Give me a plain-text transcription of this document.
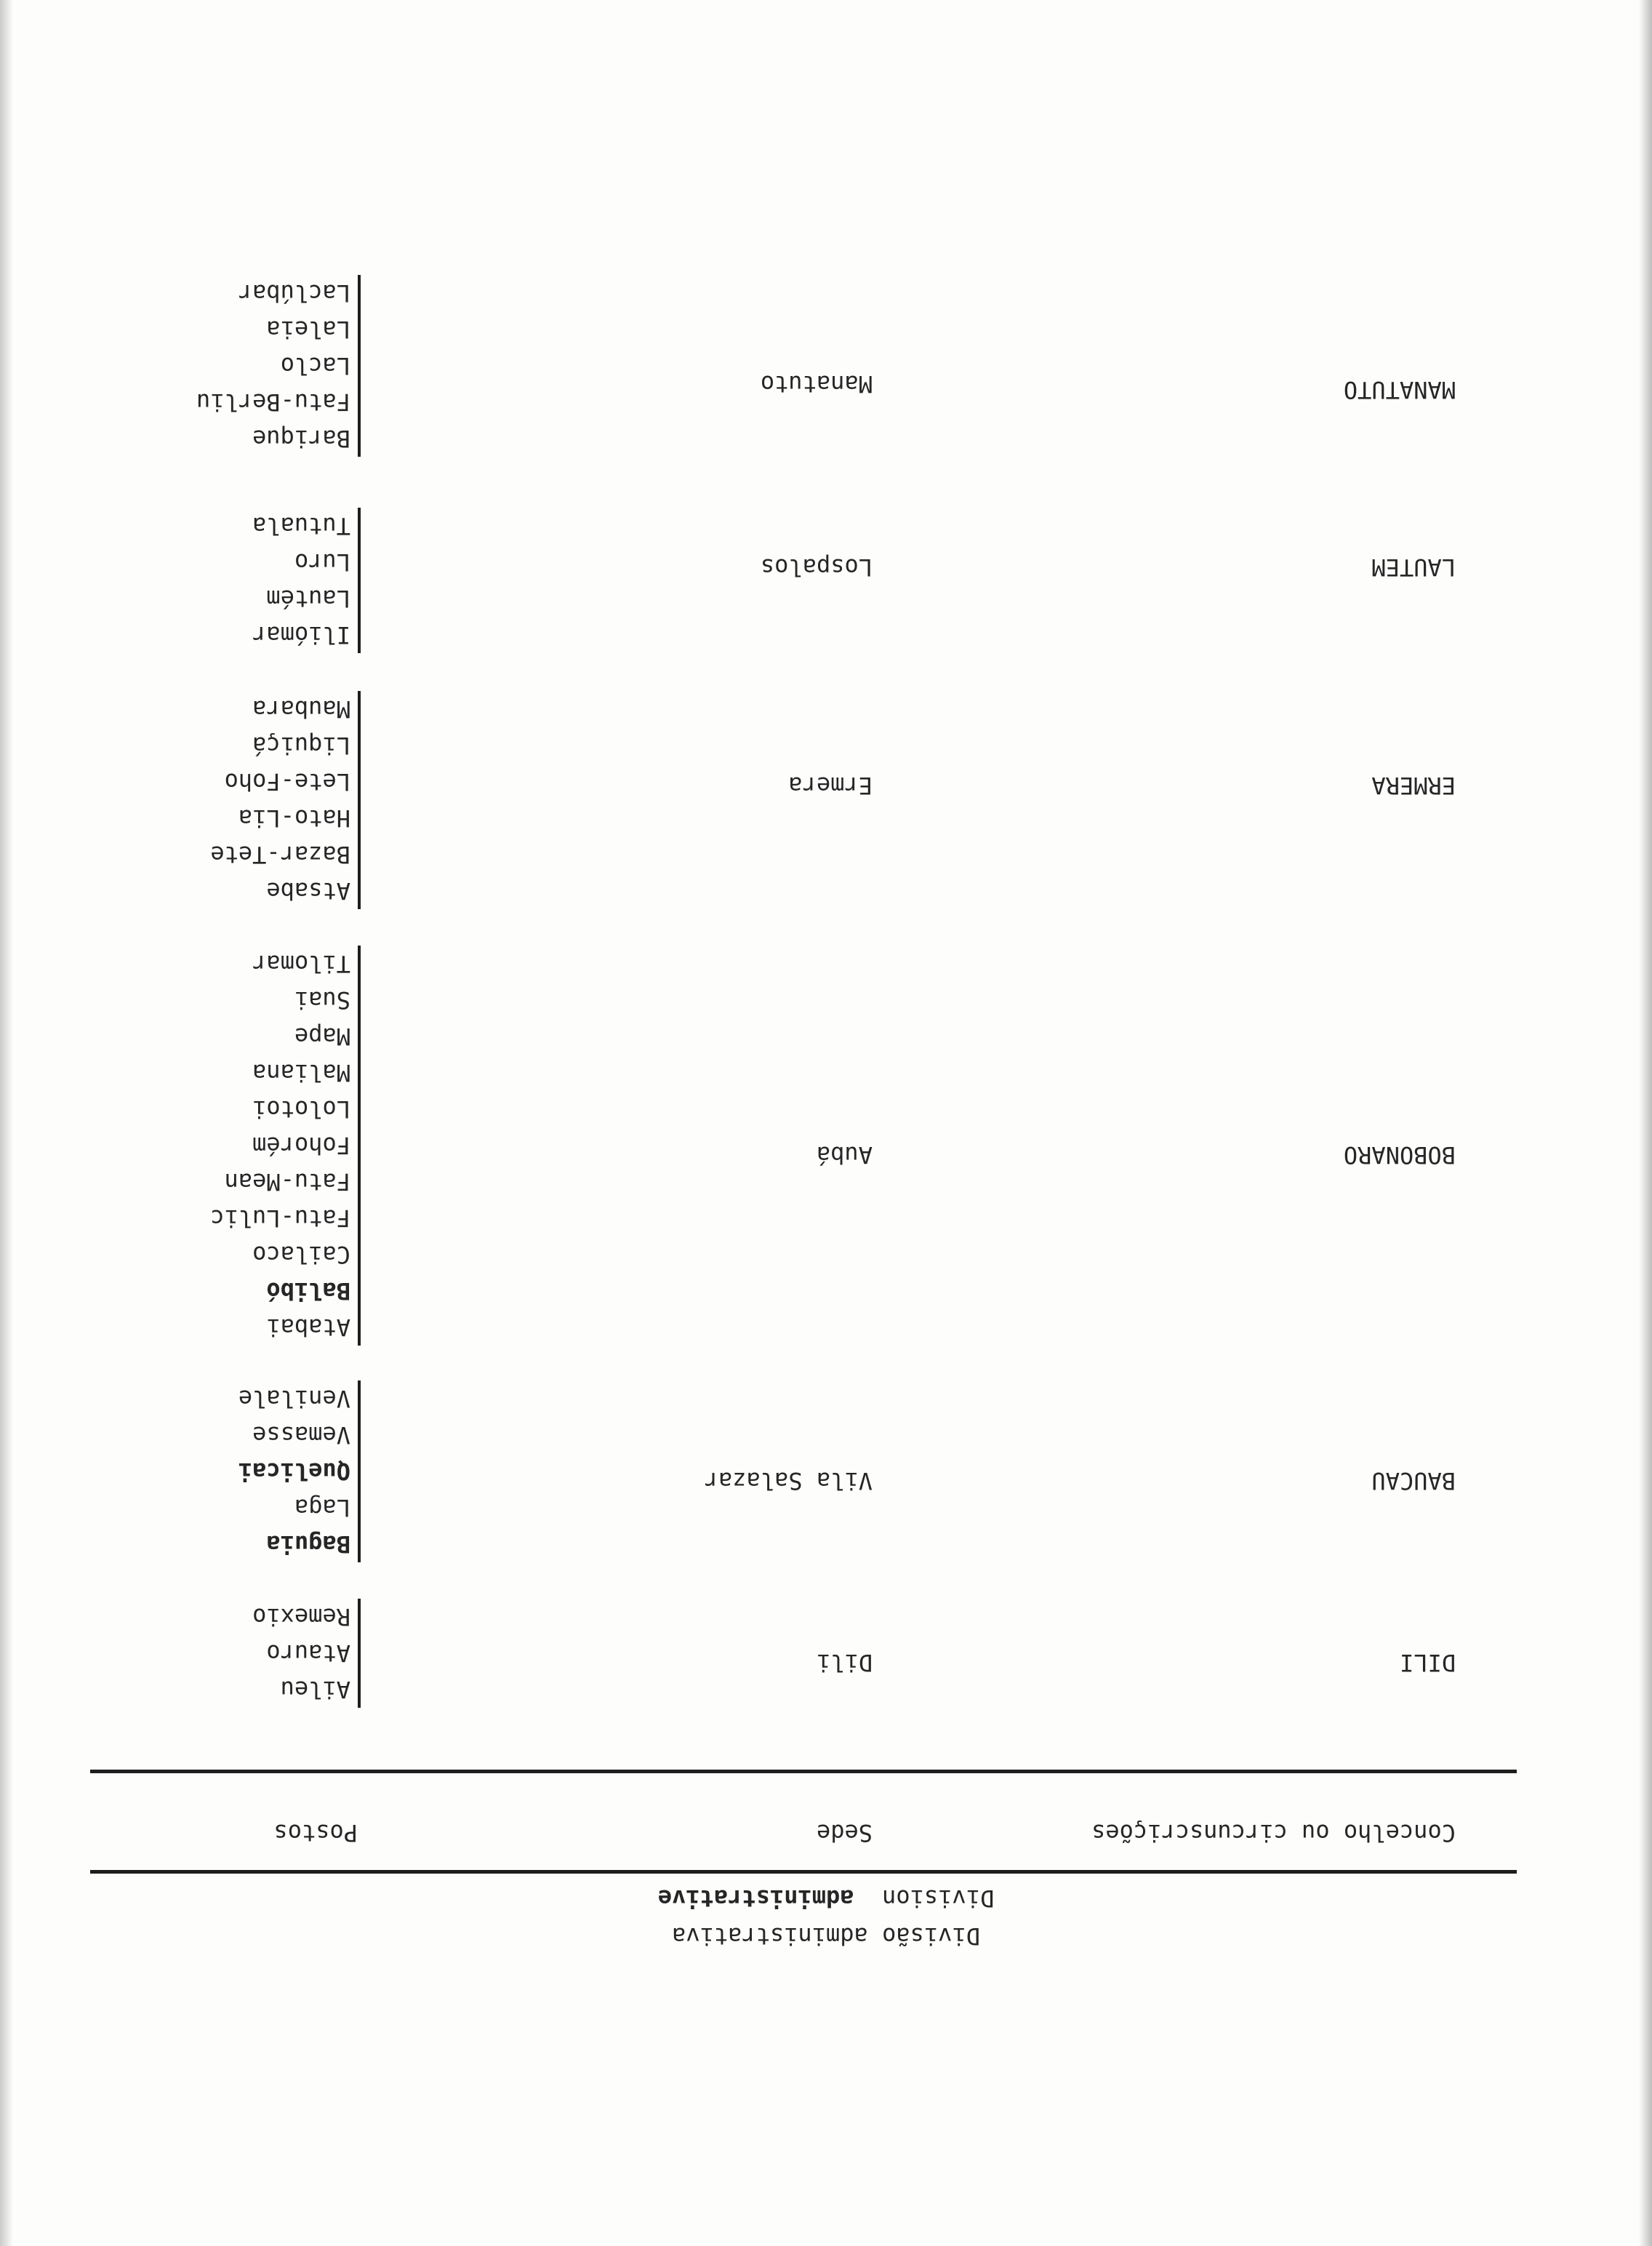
Divisão administrativa
Division  administrative
Concelho ou circunscrições
Sede
Postos
DILI
Dili
Aileu
Atauro
Remexio
BAUCAU
Vila Salazar
Baguia
Laga
Quelicai
Vemasse
Venilale
BOBONARO
Aubá
Atabai
Balibó
Cailaco
Fatu-Lulic
Fatu-Mean
Fohorém
Lolotoi
Maliana
Mape
Suai
Tilomar
ERMERA
Ermera
Atsabe
Bazar-Tete
Hato-Lia
Lete-Foho
Liquiçá
Maubara
LAUTEM
Lospalos
Iliómar
Lautém
Luro
Tutuala
MANATUTO
Manatuto
Barique
Fatu-Berliu
Laclo
Laleia
Laclúbar
